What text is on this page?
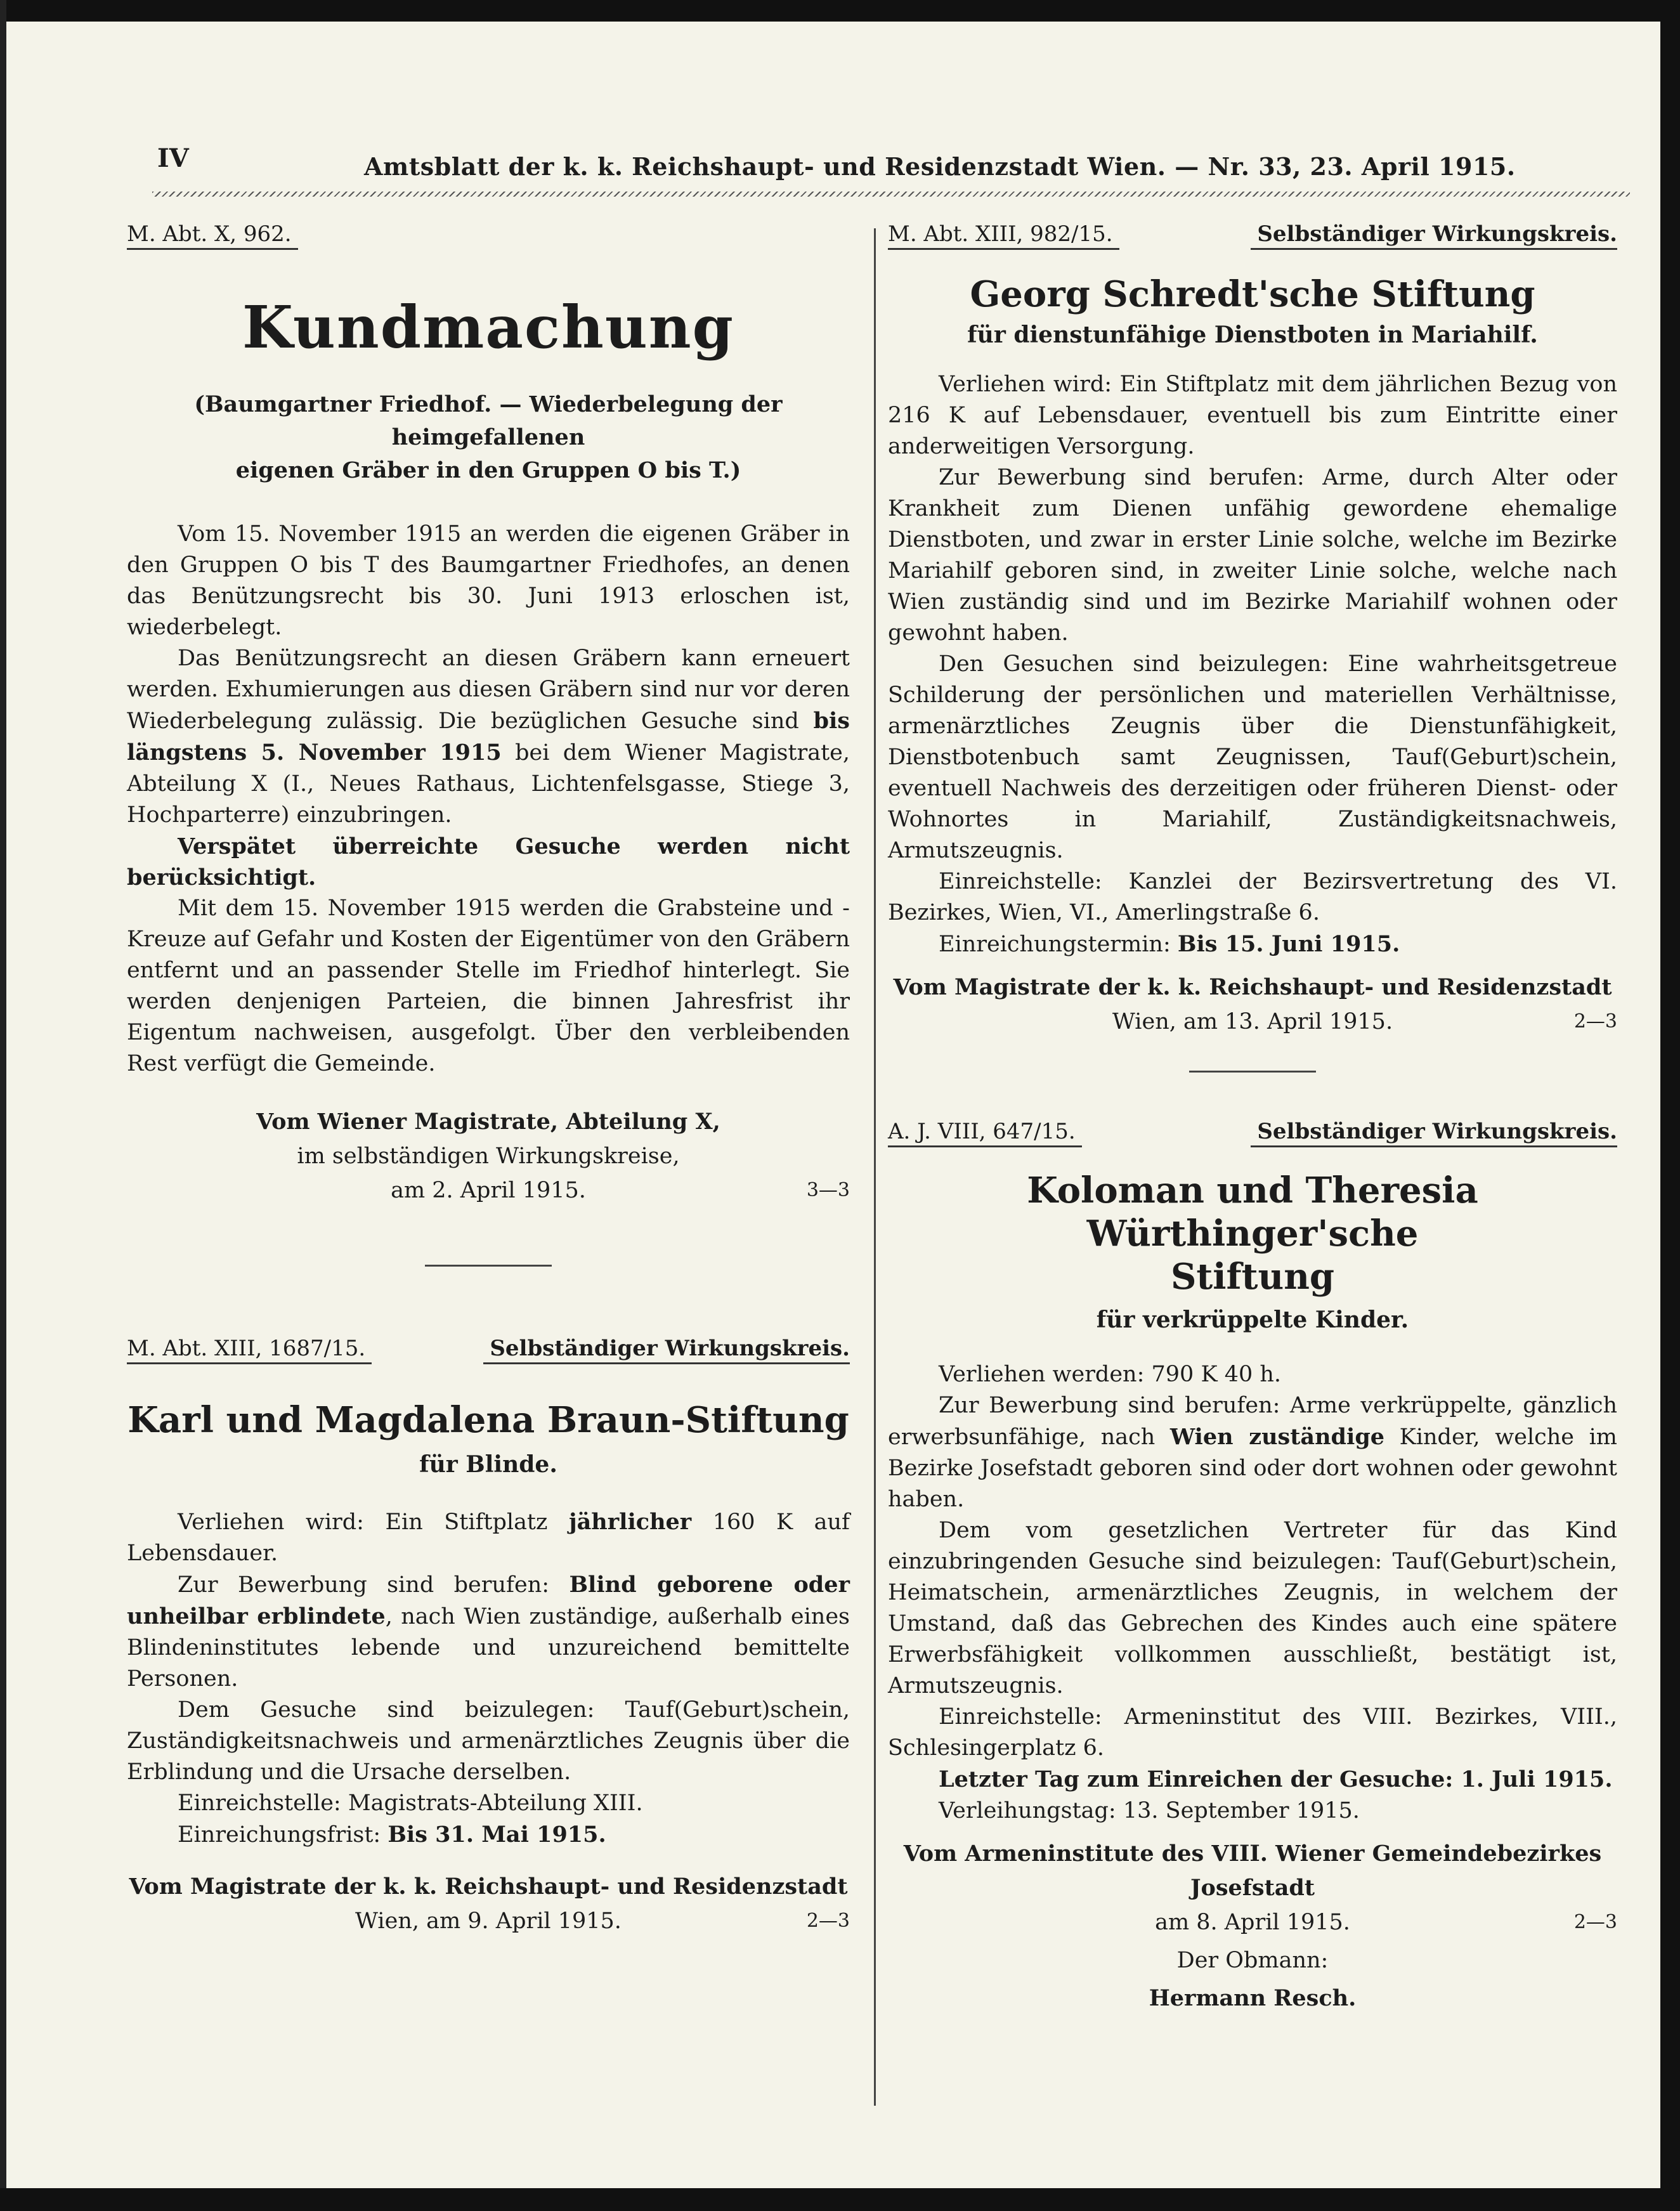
IV	Amtsblatt der k. k. Reichshaupt- und Residenzstadt Wien. — Nr. 33, 23. April 1915.
M. Abt. X, 962.
Kundmachung
(Baumgartner Friedhof. — Wiederbelegung der heimgefallenen
eigenen Gräber in den Gruppen O bis T.)

Vom 15. November 1915 an werden die eigenen Gräber in den Gruppen O bis T des Baumgartner Friedhofes, an denen das Benützungsrecht bis 30. Juni 1913 erloschen ist, wiederbelegt.

Das Benützungsrecht an diesen Gräbern kann erneuert werden. Exhumierungen aus diesen Gräbern sind nur vor deren Wiederbelegung zulässig. Die bezüglichen Gesuche sind bis längstens 5. November 1915 bei dem Wiener Magistrate, Abteilung X (I., Neues Rathaus, Lichtenfelsgasse, Stiege 3, Hochparterre) einzubringen.

Verspätet überreichte Gesuche werden nicht berücksichtigt.

Mit dem 15. November 1915 werden die Grabsteine und -Kreuze auf Gefahr und Kosten der Eigentümer von den Gräbern entfernt und an passender Stelle im Friedhof hinterlegt. Sie werden denjenigen Parteien, die binnen Jahresfrist ihr Eigentum nachweisen, ausgefolgt. Über den verbleibenden Rest verfügt die Gemeinde.

Vom Wiener Magistrate, Abteilung X,
im selbständigen Wirkungskreise,
am 2. April 1915.	3—3
M. Abt. XIII, 1687/15.	Selbständiger Wirkungskreis.
Karl und Magdalena Braun-Stiftung
für Blinde.

Verliehen wird: Ein Stiftplatz jährlicher 160 K auf Lebensdauer.

Zur Bewerbung sind berufen: Blind geborene oder unheilbar erblindete, nach Wien zuständige, außerhalb eines Blindeninstitutes lebende und unzureichend bemittelte Personen.

Dem Gesuche sind beizulegen: Tauf(Geburt)schein, Zuständigkeitsnachweis und armenärztliches Zeugnis über die Erblindung und die Ursache derselben.

Einreichstelle: Magistrats-Abteilung XIII.

Einreichungsfrist: Bis 31. Mai 1915.

Vom Magistrate der k. k. Reichshaupt- und Residenzstadt
Wien, am 9. April 1915.	2—3
M. Abt. XIII, 982/15.	Selbständiger Wirkungskreis.
Georg Schredt'sche Stiftung
für dienstunfähige Dienstboten in Mariahilf.

Verliehen wird: Ein Stiftplatz mit dem jährlichen Bezug von 216 K auf Lebensdauer, eventuell bis zum Eintritte einer anderweitigen Versorgung.

Zur Bewerbung sind berufen: Arme, durch Alter oder Krankheit zum Dienen unfähig gewordene ehemalige Dienstboten, und zwar in erster Linie solche, welche im Bezirke Mariahilf geboren sind, in zweiter Linie solche, welche nach Wien zuständig sind und im Bezirke Mariahilf wohnen oder gewohnt haben.

Den Gesuchen sind beizulegen: Eine wahrheitsgetreue Schilderung der persönlichen und materiellen Verhältnisse, armenärztliches Zeugnis über die Dienstunfähigkeit, Dienstbotenbuch samt Zeugnissen, Tauf(Geburt)schein, eventuell Nachweis des derzeitigen oder früheren Dienst- oder Wohnortes in Mariahilf, Zuständigkeitsnachweis, Armutszeugnis.

Einreichstelle: Kanzlei der Bezirsvertretung des VI. Bezirkes, Wien, VI., Amerlingstraße 6.

Einreichungstermin: Bis 15. Juni 1915.

Vom Magistrate der k. k. Reichshaupt- und Residenzstadt
Wien, am 13. April 1915.	2—3
A. J. VIII, 647/15.	Selbständiger Wirkungskreis.
Koloman und Theresia Würthinger'sche
Stiftung
für verkrüppelte Kinder.

Verliehen werden: 790 K 40 h.

Zur Bewerbung sind berufen: Arme verkrüppelte, gänzlich erwerbsunfähige, nach Wien zuständige Kinder, welche im Bezirke Josefstadt geboren sind oder dort wohnen oder gewohnt haben.

Dem vom gesetzlichen Vertreter für das Kind einzubringenden Gesuche sind beizulegen: Tauf(Geburt)schein, Heimatschein, armenärztliches Zeugnis, in welchem der Umstand, daß das Gebrechen des Kindes auch eine spätere Erwerbsfähigkeit vollkommen ausschließt, bestätigt ist, Armutszeugnis.

Einreichstelle: Armeninstitut des VIII. Bezirkes, VIII., Schlesingerplatz 6.

Letzter Tag zum Einreichen der Gesuche: 1. Juli 1915.

Verleihungstag: 13. September 1915.

Vom Armeninstitute des VIII. Wiener Gemeindebezirkes Josefstadt
am 8. April 1915.	2—3
Der Obmann:
Hermann Resch.
